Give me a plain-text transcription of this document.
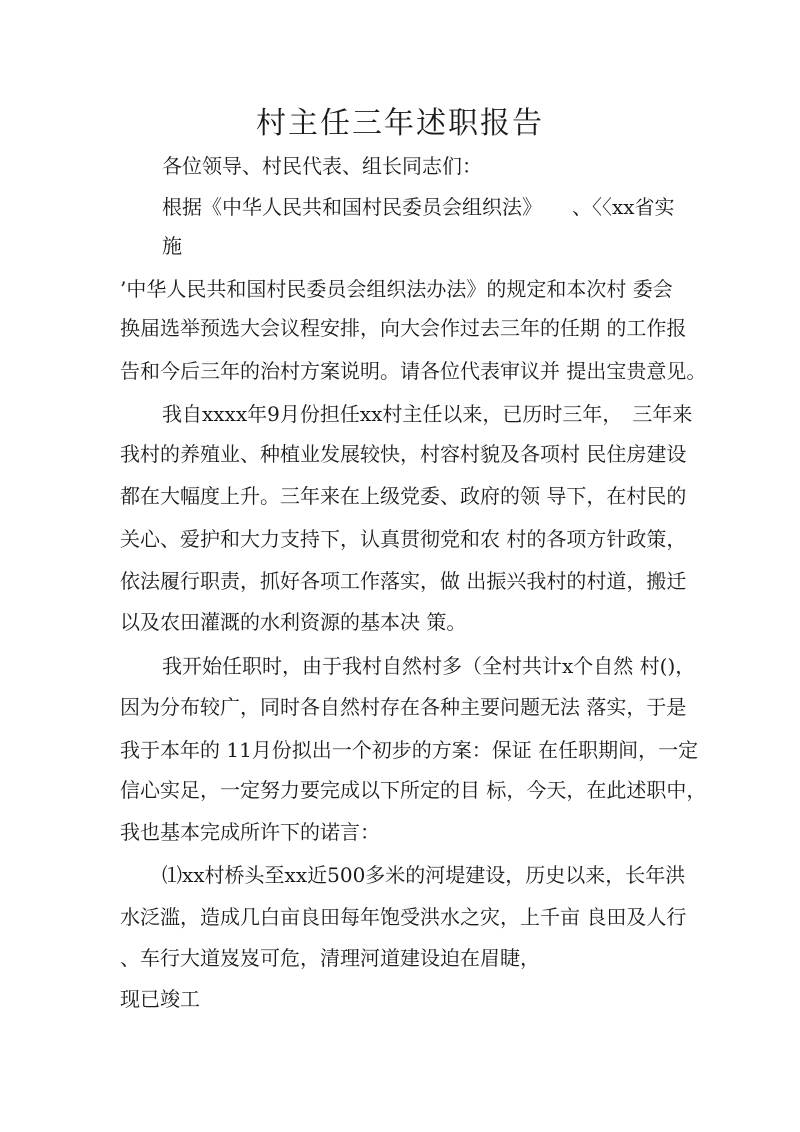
村主任三年述职报告
各位领导、村民代表、组长同志们：
根据《中华人民共和国村民委员会组织法》　　、〈〈xx省实
施
’中华人民共和国村民委员会组织法办法》的规定和本次村 委会
换届选举预选大会议程安排，向大会作过去三年的任期 的工作报
告和今后三年的治村方案说明。请各位代表审议并 提出宝贵意见。
我自xxxx年9月份担任xx村主任以来，已历时三年，　三年来
我村的养殖业、种植业发展较快，村容村貌及各项村 民住房建设
都在大幅度上升。三年来在上级党委、政府的领 导下，在村民的
关心、爱护和大力支持下，认真贯彻党和农 村的各项方针政策，
依法履行职责，抓好各项工作落实，做 出振兴我村的村道，搬迁
以及农田灌溉的水利资源的基本决 策。
我开始任职时，由于我村自然村多（全村共计x个自然 村()，
因为分布较广，同时各自然村存在各种主要问题无法 落实，于是
我于本年的 11月份拟出一个初步的方案：保证 在任职期间，一定
信心实足，一定努力要完成以下所定的目 标，今天，在此述职中，
我也基本完成所许下的诺言：
⑴xx村桥头至xx近500多米的河堤建设，历史以来，长年洪
水泛滥，造成几白亩良田每年饱受洪水之灾，上千亩 良田及人行
、车行大道岌岌可危，清理河道建设迫在眉睫，
现已竣工
